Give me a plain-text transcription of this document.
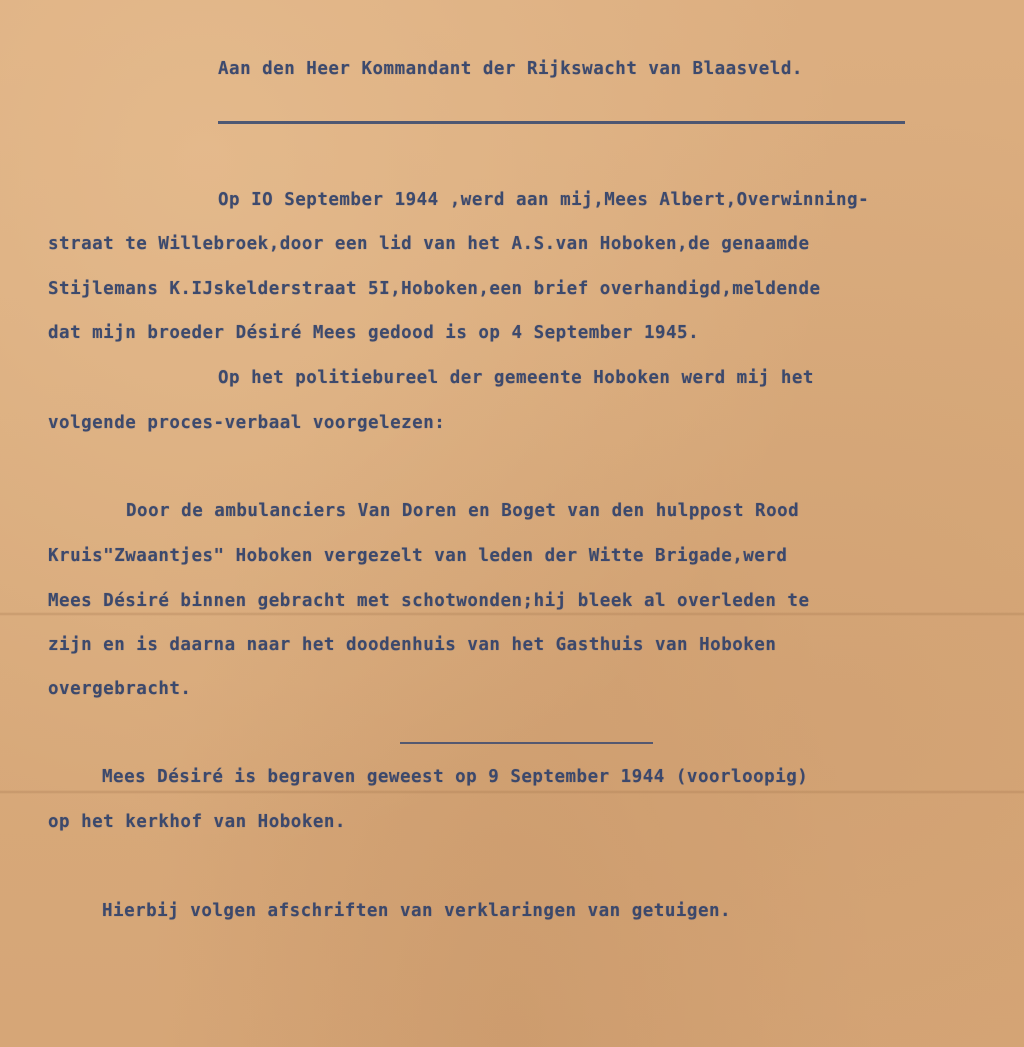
Aan den Heer Kommandant der Rijkswacht van Blaasveld.
Op IO September 1944 ,werd aan mij,Mees Albert,Overwinning-
straat te Willebroek,door een lid van het A.S.van Hoboken,de genaamde
Stijlemans K.IJskelderstraat 5I,Hoboken,een brief overhandigd,meldende
dat mijn broeder Désiré Mees gedood is op 4 September 1945.
Op het politiebureel der gemeente Hoboken werd mij het
volgende proces-verbaal voorgelezen:
Door de ambulanciers Van Doren en Boget van den hulppost Rood
Kruis"Zwaantjes" Hoboken vergezelt van leden der Witte Brigade,werd
Mees Désiré binnen gebracht met schotwonden;hij bleek al overleden te
zijn en is daarna naar het doodenhuis van het Gasthuis van Hoboken
overgebracht.
Mees Désiré is begraven geweest op 9 September 1944 (voorloopig)
op het kerkhof van Hoboken.
Hierbij volgen afschriften van verklaringen van getuigen.
